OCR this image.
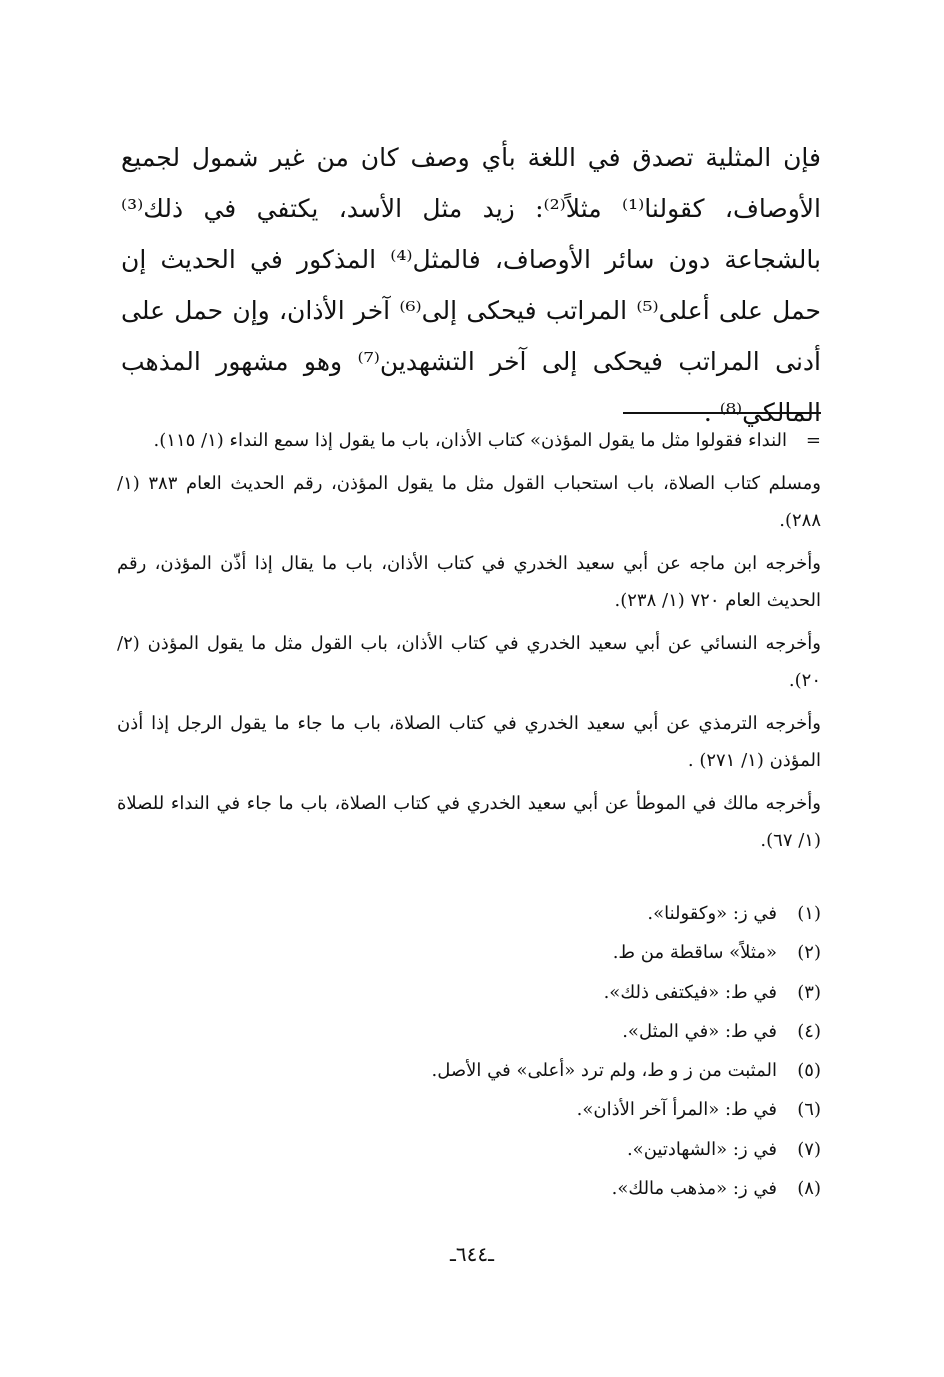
فإن المثلية تصدق في اللغة بأي وصف كان من غير شمول لجميع الأوصاف، كقولنا⁽¹⁾ مثلاً⁽²⁾: زيد مثل الأسد، يكتفي في ذلك⁽³⁾ بالشجاعة دون سائر الأوصاف، فالمثل⁽⁴⁾ المذكور في الحديث إن حمل على أعلى⁽⁵⁾ المراتب فيحكى إلى⁽⁶⁾ آخر الأذان، وإن حمل على أدنى المراتب فيحكى إلى آخر التشهدين⁽⁷⁾ وهو مشهور المذهب المالكي⁽⁸⁾ .

=
النداء فقولوا مثل ما يقول المؤذن» كتاب الأذان، باب ما يقول إذا سمع النداء (١/ ١١٥).

ومسلم كتاب الصلاة، باب استحباب القول مثل ما يقول المؤذن، رقم الحديث العام ٣٨٣ (١/ ٢٨٨).

وأخرجه ابن ماجه عن أبي سعيد الخدري في كتاب الأذان، باب ما يقال إذا أذّن المؤذن، رقم الحديث العام ٧٢٠ (١/ ٢٣٨).

وأخرجه النسائي عن أبي سعيد الخدري في كتاب الأذان، باب القول مثل ما يقول المؤذن (٢/ ٢٠).

وأخرجه الترمذي عن أبي سعيد الخدري في كتاب الصلاة، باب ما جاء ما يقول الرجل إذا أذن المؤذن (١/ ٢٧١) .

وأخرجه مالك في الموطأ عن أبي سعيد الخدري في كتاب الصلاة، باب ما جاء في النداء للصلاة (١/ ٦٧).

(١)
في ز: «وكقولنا».
(٢)
«مثلاً» ساقطة من ط.
(٣)
في ط: «فيكتفى ذلك».
(٤)
في ط: «في المثل».
(٥)
المثبت من ز و ط، ولم ترد «أعلى» في الأصل.
(٦)
في ط: «المرأ آخر الأذان».
(٧)
في ز: «الشهادتين».
(٨)
في ز: «مذهب مالك».
ـ٦٤٤ـ
